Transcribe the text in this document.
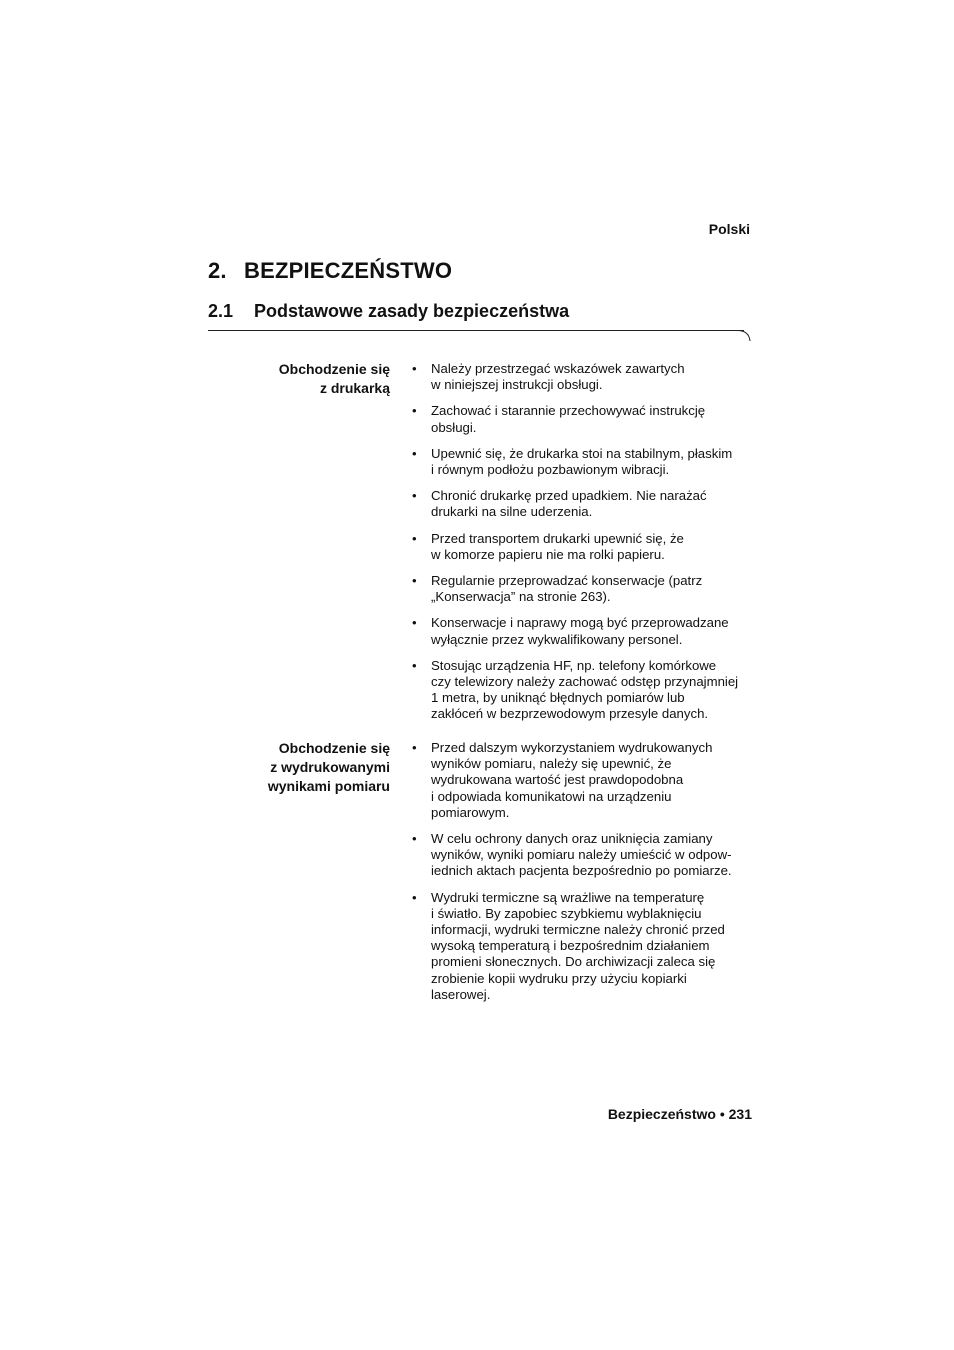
Polski
2. BEZPIECZEŃSTWO
2.1 Podstawowe zasady bezpieczeństwa
Obchodzenie się
z drukarką
• Należy przestrzegać wskazówek zawartych
w niniejszej instrukcji obsługi.
• Zachować i starannie przechowywać instrukcję
obsługi.
• Upewnić się, że drukarka stoi na stabilnym, płaskim
i równym podłożu pozbawionym wibracji.
• Chronić drukarkę przed upadkiem. Nie narażać
drukarki na silne uderzenia.
• Przed transportem drukarki upewnić się, że
w komorze papieru nie ma rolki papieru.
• Regularnie przeprowadzać konserwacje (patrz
„Konserwacja” na stronie 263).
• Konserwacje i naprawy mogą być przeprowadzane
wyłącznie przez wykwalifikowany personel.
• Stosując urządzenia HF, np. telefony komórkowe
czy telewizory należy zachować odstęp przynajmniej
1 metra, by uniknąć błędnych pomiarów lub
zakłóceń w bezprzewodowym przesyle danych.
Obchodzenie się
z wydrukowanymi
wynikami pomiaru
• Przed dalszym wykorzystaniem wydrukowanych
wyników pomiaru, należy się upewnić, że
wydrukowana wartość jest prawdopodobna
i odpowiada komunikatowi na urządzeniu
pomiarowym.
• W celu ochrony danych oraz uniknięcia zamiany
wyników, wyniki pomiaru należy umieścić w odpow-
iednich aktach pacjenta bezpośrednio po pomiarze.
• Wydruki termiczne są wrażliwe na temperaturę
i światło. By zapobiec szybkiemu wyblaknięciu
informacji, wydruki termiczne należy chronić przed
wysoką temperaturą i bezpośrednim działaniem
promieni słonecznych. Do archiwizacji zaleca się
zrobienie kopii wydruku przy użyciu kopiarki
laserowej.
Bezpieczeństwo • 231
